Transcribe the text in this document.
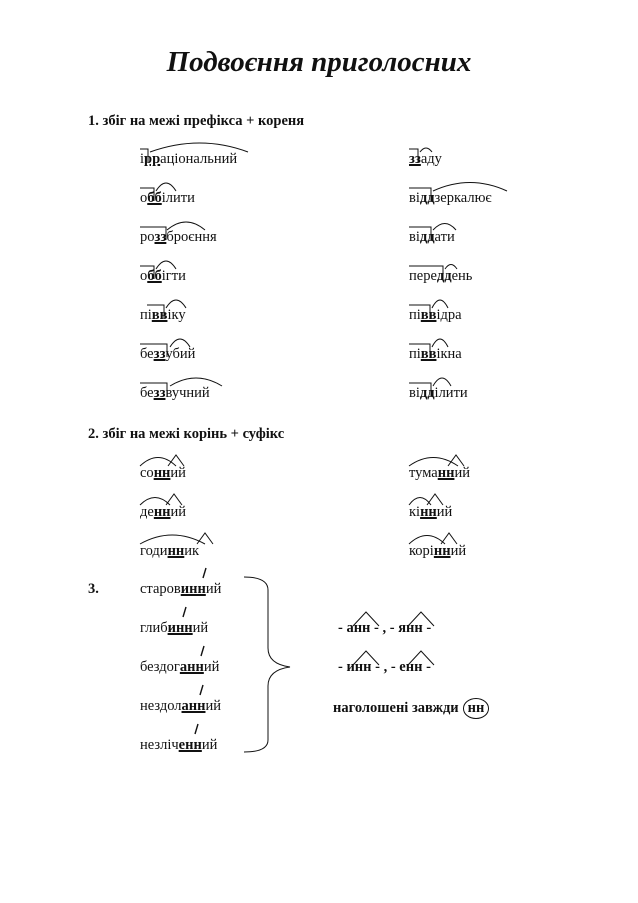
Подвоєння приголосних
1. збіг на межі префікса + кореня
ірраціональний
оббілити
роззброєння
оббігти
піввіку
беззубий
беззвучний
ззаду
віддзеркалює
віддати
переддень
піввідра
піввікна
відділити
2. збіг на межі корінь + суфікс
сонний
денний
годинник
туманний
кінний
корінний
3.	старовинний
глибинний
бездоганний
нездоланний
незліченний
- анн - , - янн -
- инн - , - енн -
наголошені завжди нн
